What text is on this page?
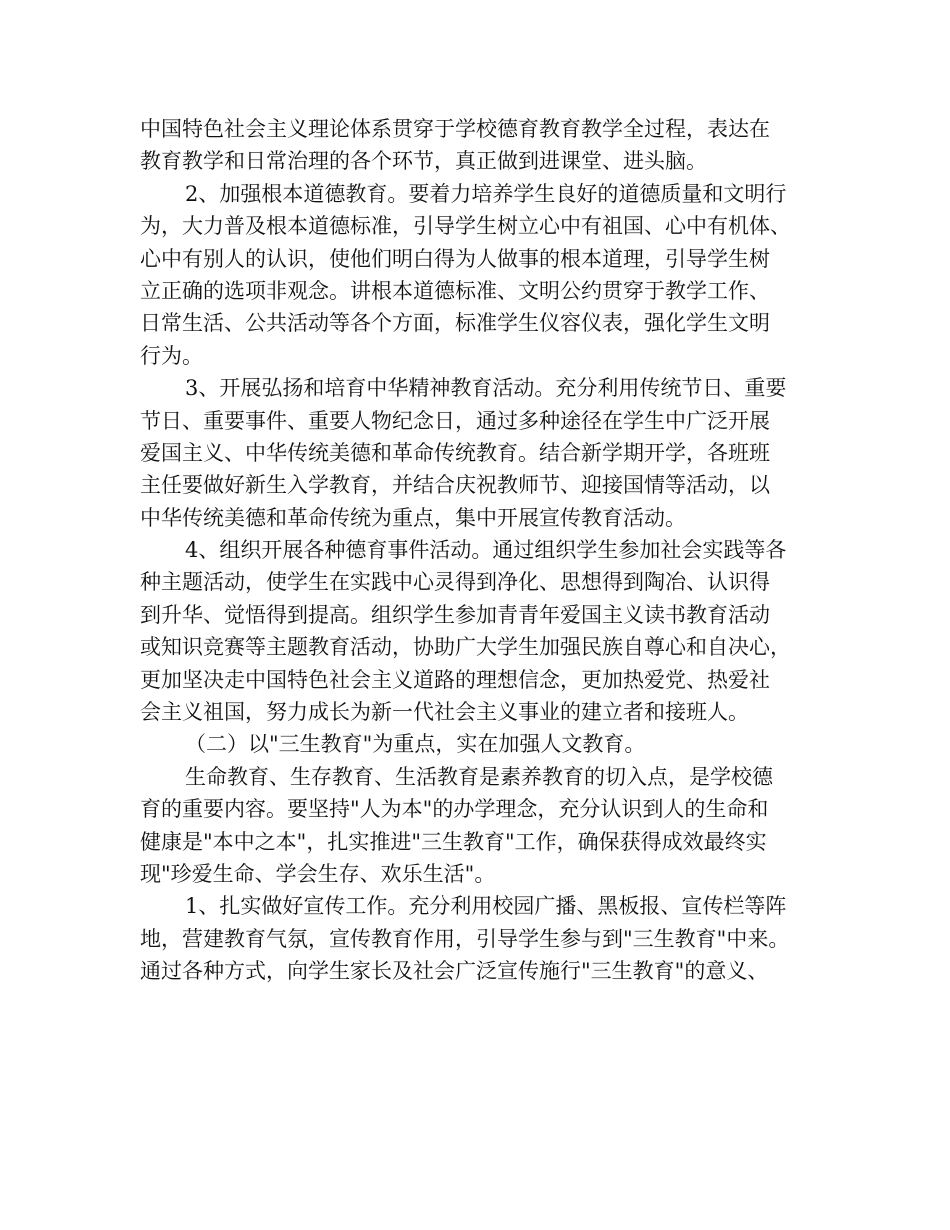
中国特色社会主义理论体系贯穿于学校德育教育教学全过程，表达在
教育教学和日常治理的各个环节，真正做到进课堂、进头脑。
2、加强根本道德教育。要着力培养学生良好的道德质量和文明行
为，大力普及根本道德标准，引导学生树立心中有祖国、心中有机体、
心中有别人的认识，使他们明白得为人做事的根本道理，引导学生树
立正确的选项非观念。讲根本道德标准、文明公约贯穿于教学工作、
日常生活、公共活动等各个方面，标准学生仪容仪表，强化学生文明
行为。
3、开展弘扬和培育中华精神教育活动。充分利用传统节日、重要
节日、重要事件、重要人物纪念日，通过多种途径在学生中广泛开展
爱国主义、中华传统美德和革命传统教育。结合新学期开学，各班班
主任要做好新生入学教育，并结合庆祝教师节、迎接国情等活动，以
中华传统美德和革命传统为重点，集中开展宣传教育活动。
4、组织开展各种德育事件活动。通过组织学生参加社会实践等各
种主题活动，使学生在实践中心灵得到净化、思想得到陶冶、认识得
到升华、觉悟得到提高。组织学生参加青青年爱国主义读书教育活动
或知识竞赛等主题教育活动，协助广大学生加强民族自尊心和自决心，
更加坚决走中国特色社会主义道路的理想信念，更加热爱党、热爱社
会主义祖国，努力成长为新一代社会主义事业的建立者和接班人。
（二）以"三生教育"为重点，实在加强人文教育。
生命教育、生存教育、生活教育是素养教育的切入点，是学校德
育的重要内容。要坚持"人为本"的办学理念，充分认识到人的生命和
健康是"本中之本"，扎实推进"三生教育"工作，确保获得成效最终实
现"珍爱生命、学会生存、欢乐生活"。
1、扎实做好宣传工作。充分利用校园广播、黑板报、宣传栏等阵
地，营建教育气氛，宣传教育作用，引导学生参与到"三生教育"中来。
通过各种方式，向学生家长及社会广泛宣传施行"三生教育"的意义、
